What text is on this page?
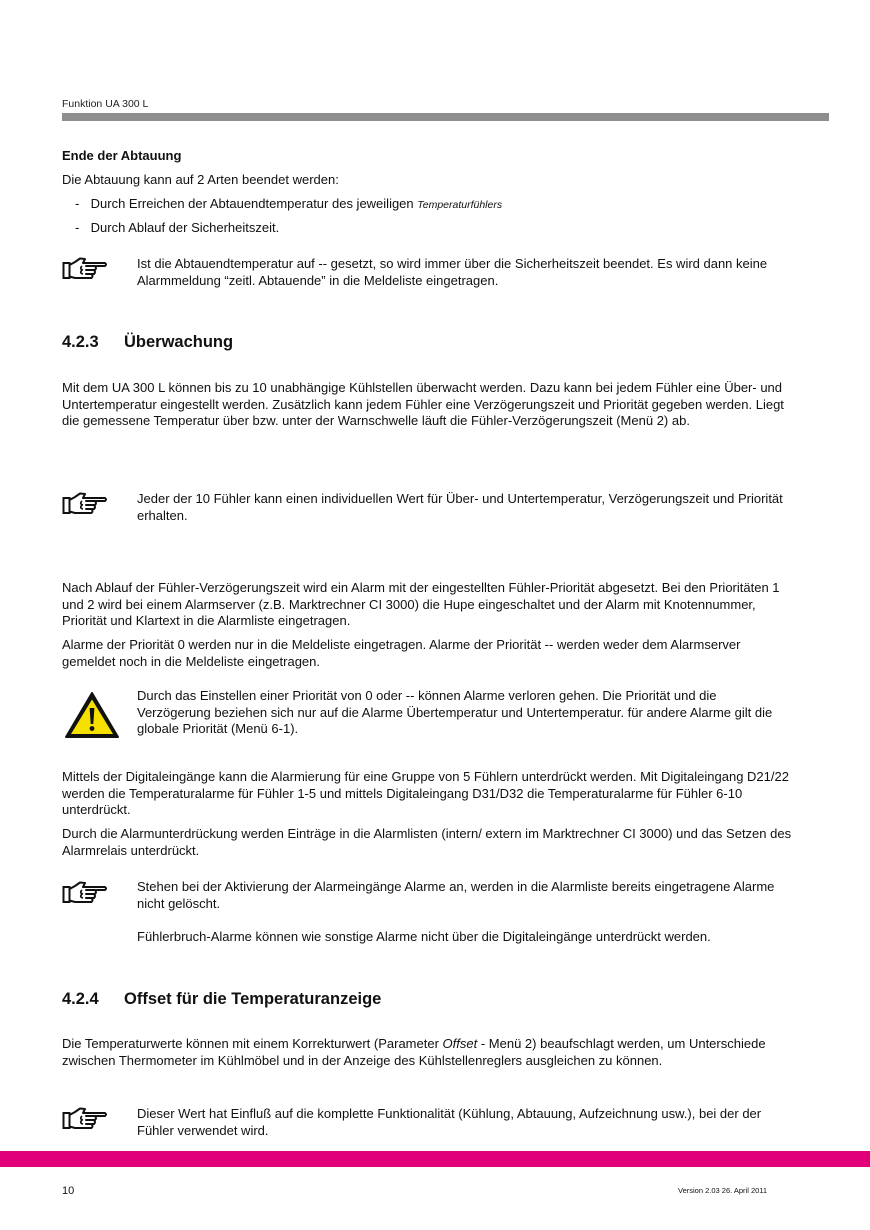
Funktion UA 300 L
Ende der Abtauung
Die Abtauung kann auf 2 Arten beendet werden:
- Durch Erreichen der Abtauendtemperatur des jeweiligen Temperaturfühlers
- Durch Ablauf der Sicherheitszeit.
Ist die Abtauendtemperatur auf -- gesetzt, so wird immer über die Sicherheitszeit beendet. Es wird dann keine Alarmmeldung “zeitl. Abtauende” in die Meldeliste eingetragen.
4.2.3 Überwachung
Mit dem UA 300 L können bis zu 10 unabhängige Kühlstellen überwacht werden. Dazu kann bei jedem Fühler eine Über- und Untertemperatur eingestellt werden. Zusätzlich kann jedem Fühler eine Verzögerungszeit und Priorität gegeben werden. Liegt die gemessene Temperatur über bzw. unter der Warnschwelle läuft die Fühler-Verzögerungszeit (Menü 2) ab.
Jeder der 10 Fühler kann einen individuellen Wert für Über- und Untertemperatur, Verzögerungszeit und Priorität erhalten.
Nach Ablauf der Fühler-Verzögerungszeit wird ein Alarm mit der eingestellten Fühler-Priorität abgesetzt. Bei den Prioritäten 1 und 2 wird bei einem Alarmserver (z.B. Marktrechner CI 3000) die Hupe eingeschaltet und der Alarm mit Knotennummer, Priorität und Klartext in die Alarmliste eingetragen.
Alarme der Priorität 0 werden nur in die Meldeliste eingetragen. Alarme der Priorität -- werden weder dem Alarmserver gemeldet noch in die Meldeliste eingetragen.
Durch das Einstellen einer Priorität von 0 oder -- können Alarme verloren gehen. Die Priorität und die Verzögerung beziehen sich nur auf die Alarme Übertemperatur und Untertemperatur. für andere Alarme gilt die globale Priorität (Menü 6-1).
Mittels der Digitaleingänge kann die Alarmierung für eine Gruppe von 5 Fühlern unterdrückt werden. Mit Digitaleingang D21/22 werden die Temperaturalarme für Fühler 1-5 und mittels Digitaleingang D31/D32 die Temperaturalarme für Fühler 6-10 unterdrückt.
Durch die Alarmunterdrückung werden Einträge in die Alarmlisten (intern/ extern im Marktrechner CI 3000) und das Setzen des Alarmrelais unterdrückt.
Stehen bei der Aktivierung der Alarmeingänge Alarme an, werden in die Alarmliste bereits eingetragene Alarme nicht gelöscht.
Fühlerbruch-Alarme können wie sonstige Alarme nicht über die Digitaleingänge unterdrückt werden.
4.2.4 Offset für die Temperaturanzeige
Die Temperaturwerte können mit einem Korrekturwert (Parameter Offset - Menü 2) beaufschlagt werden, um Unterschiede zwischen Thermometer im Kühlmöbel und in der Anzeige des Kühlstellenreglers ausgleichen zu können.
Dieser Wert hat Einfluß auf die komplette Funktionalität (Kühlung, Abtauung, Aufzeichnung usw.), bei der der Fühler verwendet wird.
10	Version 2.03 26. April 2011
